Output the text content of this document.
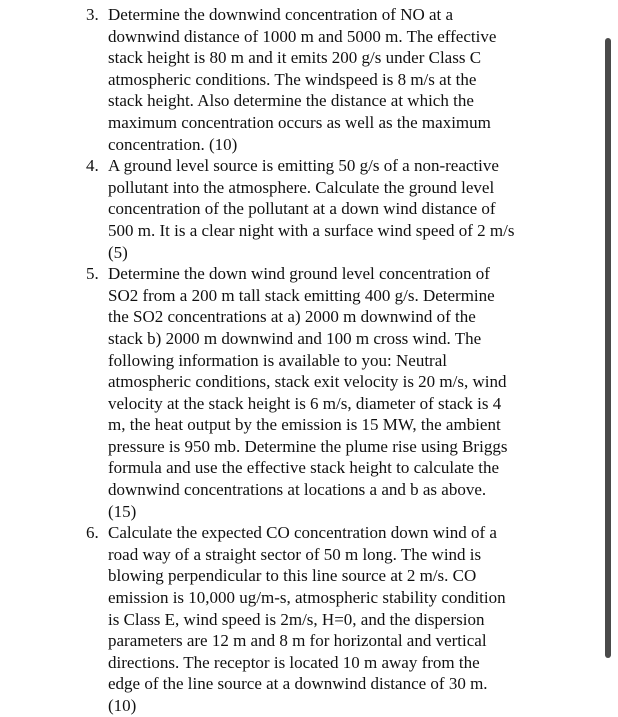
3. Determine the downwind concentration of NO at a
downwind distance of 1000 m and 5000 m. The effective
stack height is 80 m and it emits 200 g/s under Class C
atmospheric conditions. The windspeed is 8 m/s at the
stack height. Also determine the distance at which the
maximum concentration occurs as well as the maximum
concentration. (10)
4. A ground level source is emitting 50 g/s of a non-reactive
pollutant into the atmosphere. Calculate the ground level
concentration of the pollutant at a down wind distance of
500 m. It is a clear night with a surface wind speed of 2 m/s
(5)
5. Determine the down wind ground level concentration of
SO2 from a 200 m tall stack emitting 400 g/s. Determine
the SO2 concentrations at a) 2000 m downwind of the
stack b) 2000 m downwind and 100 m cross wind. The
following information is available to you: Neutral
atmospheric conditions, stack exit velocity is 20 m/s, wind
velocity at the stack height is 6 m/s, diameter of stack is 4
m, the heat output by the emission is 15 MW, the ambient
pressure is 950 mb. Determine the plume rise using Briggs
formula and use the effective stack height to calculate the
downwind concentrations at locations a and b as above.
(15)
6. Calculate the expected CO concentration down wind of a
road way of a straight sector of 50 m long. The wind is
blowing perpendicular to this line source at 2 m/s. CO
emission is 10,000 ug/m-s, atmospheric stability condition
is Class E, wind speed is 2m/s, H=0, and the dispersion
parameters are 12 m and 8 m for horizontal and vertical
directions. The receptor is located 10 m away from the
edge of the line source at a downwind distance of 30 m.
(10)
